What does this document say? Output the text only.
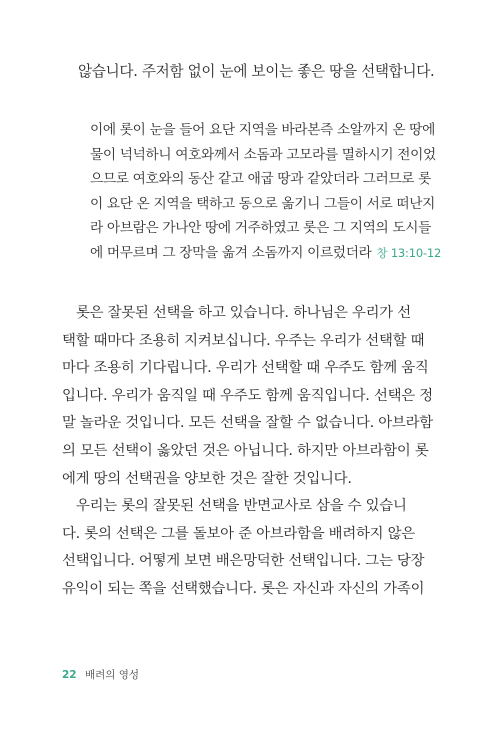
않습니다. 주저함 없이 눈에 보이는 좋은 땅을 선택합니다.
이에 롯이 눈을 들어 요단 지역을 바라본즉 소알까지 온 땅에
물이 넉넉하니 여호와께서 소돔과 고모라를 멸하시기 전이었
으므로 여호와의 동산 같고 애굽 땅과 같았더라 그러므로 롯
이 요단 온 지역을 택하고 동으로 옮기니 그들이 서로 떠난지
라 아브람은 가나안 땅에 거주하였고 롯은 그 지역의 도시들
에 머무르며 그 장막을 옮겨 소돔까지 이르렀더라 창 13:10-12
롯은 잘못된 선택을 하고 있습니다. 하나님은 우리가 선
택할 때마다 조용히 지켜보십니다. 우주는 우리가 선택할 때
마다 조용히 기다립니다. 우리가 선택할 때 우주도 함께 움직
입니다. 우리가 움직일 때 우주도 함께 움직입니다. 선택은 정
말 놀라운 것입니다. 모든 선택을 잘할 수 없습니다. 아브라함
의 모든 선택이 옳았던 것은 아닙니다. 하지만 아브라함이 롯
에게 땅의 선택권을 양보한 것은 잘한 것입니다.
우리는 롯의 잘못된 선택을 반면교사로 삼을 수 있습니
다. 롯의 선택은 그를 돌보아 준 아브라함을 배려하지 않은
선택입니다. 어떻게 보면 배은망덕한 선택입니다. 그는 당장
유익이 되는 쪽을 선택했습니다. 롯은 자신과 자신의 가족이
22 배려의 영성
